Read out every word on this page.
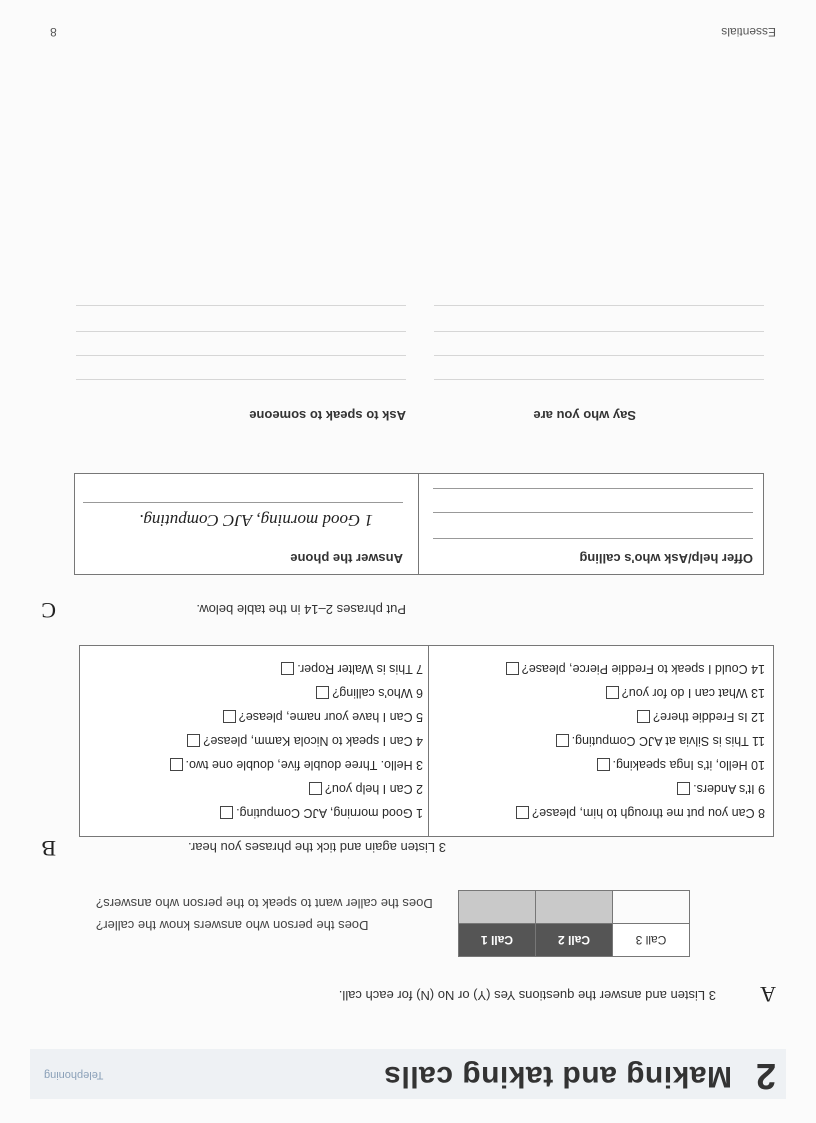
2
Making and taking calls
Telephoning
A
3 Listen and answer the questions Yes (Y) or No (N) for each call.
Call 3	Call 2	Call 1

Does the person who answers know the caller?
Does the caller want to speak to the person who answers?
B	3 Listen again and tick the phrases you hear.
1 Good morning, AJC Computing.
2 Can I help you?
3 Hello. Three double five, double one two.
4 Can I speak to Nicola Kamm, please?
5 Can I have your name, please?
6 Who's calling?
7 This is Walter Roper.
8 Can you put me through to him, please?
9 It's Anders.
10 Hello, it's Inga speaking.
11 This is Silvia at AJC Computing.
12 Is Freddie there?
13 What can I do for you?
14 Could I speak to Freddie Pierce, please?
C	Put phrases 2–14 in the table below.
Answer the phone	Offer help/Ask who's calling
1 Good morning, AJC Computing.
Ask to speak to someone	Say who you are
Essentials
8
